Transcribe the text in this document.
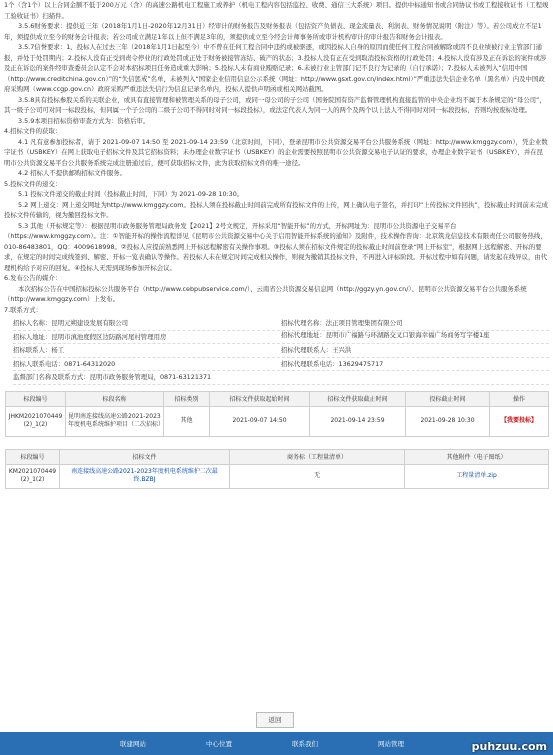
1个（含1个）以上合同金额不低于200万元（含）的高速公路机电工程施工或养护（机电工程内容包括监控、收费、通信三大系统）项目。提供中标通知书或合同协议书或工程接收证书（工程竣工验收证书）扫描件。

3.5.6财务要求：提供近三年（2018年1月1日-2020年12月31日）经审计的财务报告及财务报表（包括资产负债表、现金流量表、利润表、财务情况说明（附注）等）。若公司成立不足1年，须提供成立至今的财务会计报表；若公司成立满足1年以上但不满足3年的，须提供成立至今经会计师事务所或审计机构审计的审计报告和财务会计报表。

3.5.7信誉要求：1、投标人在过去三年（2018年1月1日起至今）中不曾在任何工程合同中违约或被驱逐，或因投标人自身的原因而使任何工程合同被解除或因不良业绩被行业主管部门通报，并处于处罚期内；2.投标人没有正受到责令停业的行政处罚或正处于财务被接管冻结、破产的状态；3.投标人没有正在受到取消投标资格的行政处罚；4.投标人没有涉及正在诉讼的案件或涉及正在诉讼的案件经审查委员会认定不会对本招标项目任务造成重大影响；5.投标人未有商业贿赂记录；6.未被行业主管部门记不良行为记录的（自行承诺）；7.投标人未被列入“信用中国（http://www.creditchina.gov.cn）”的“失信惩戒”名单，未被列入“国家企业信用信息公示系统（网址：http://www.gsxt.gov.cn/index.html）”严重违法失信企业名单（黑名单）内及中国政府采购网（www.ccgp.gov.cn）政府采购严重违法失信行为信息记录名单内，投标人提供声明函或相关网站截图。

3.5.8具有投标参股关系的关联企业，或具有直接管理和被管理关系的母子公司，或同一母公司的子公司（国务院国有资产监督管理机构直接监管的中央企业均不属于本条规定的“母公司”，其一级子公司可对同一标段投标，但同属一个子公司的二级子公司不得同时对同一标段投标），或法定代表人为同一人的两个及两个以上法人不得同时对同一标段投标，否则均按废标处理。

3.5.9本项目招标资格审查方式为：资格后审。

4.招标文件的获取：

4.1 凡有意参加投标者，请于 2021-09-07 14:50 至 2021-09-14 23:59（北京时间，下同），登录昆明市公共资源交易平台公共服务系统（网址：http://www.kmggzy.com），凭企业数字证书（USBKEY）在网上获取电子招标文件及其它招标资料；未办理企业数字证书（USBKEY）的企业需要按照昆明市公共资源交易电子认证的要求，办理企业数字证书（USBKEY），并在昆明市公共资源交易平台公共服务系统完成注册通过后，便可获取招标文件，此为获取招标文件的唯一途径。

4.2 招标人不提供邮购招标文件服务。

5.投标文件的递交：

5.1 投标文件递交的截止时间（投标截止时间，下同）为 2021-09-28 10:30。

5.2 网上递交：网上递交网址为http://www.kmggzy.com。投标人须在投标截止时间前完成所有投标文件的上传，网上确认电子签名，并打印“上传投标文件回执”，投标截止时间前未完成投标文件传输的，视为撤回投标文件。

5.3 其他（开标规定等）：根据昆明市政务服务管理局政务发【2021】2号文规定，开标采用“智能开标”的方式，开标网址为：昆明市公共资源电子交易平台（https://www.kmggzy.com）。注：①智能开标的操作流程详见《昆明市公共资源交易中心关于启用智能开标系统的通知》及附件，技术操作咨询：北京筑龙信息技术有限责任公司服务热线，010-86483801，QQ：4009618998。②投标人应提前熟悉网上开标远程解密有关操作事项。③投标人须在招标文件规定的投标截止时间前登录“网上开标室”，根据网上远程解密、开标的要求，在规定的时间完成线签到、解密、开标一览表确认等操作。若投标人未在规定时间完成相关操作，则视为撤销其投标文件，不再进入评标阶段。开标过程中如有问题，请发起在线异议，由代理机构给予对应的回复。④投标人无需到现场参加开标会议。

6.发布公告的媒介：

本次招标公告在中国招标投标公共服务平台（http://www.cebpubservice.com/）、云南省公共资源交易信息网（http://ggzy.yn.gov.cn/）、昆明市公共资源交易平台公共服务系统（http://www.kmggzy.com）上发布。

7.联系方式：

招标人名称：昆明元朔建设发展有限公司	招标代理名称：法正项目管理集团有限公司
招标人地址：昆明市滇池度假区边防路河尾村管理用房	招标代理地址：昆明市广福路与环湖路交叉口银海幸福广场商务写字楼1座
招标联系人：杨工	招标代理联系人：王兴洪
招标人联系电话：0871-64312020	招标代理联系电话：13629475717
监督部门名称及联系方式：昆明市政务服务管理局，0871-63121371
标段编号	标段名称	招标类别	招标文件获取起始时间	招标文件获取截止时间	投标截止时间	操作
JHKM2021070449(2)_1(2)	昆明南连接线高速公路2021-2023年度机电系统维护项目（二次招标）	其他	2021-09-07 14:50	2021-09-14 23:59	2021-09-28 10:30	【我要投标】
标段编号	招标文件	商务标（工程量清单）	其他附件（电子图纸）
KM2021070449(2)_1(2)	南连接线高速公路2021-2023年度机电系统维护二次最终.BZBJ	无	工程量清单.zip
返回
联建网站	中心位置	联系我们	网站管理	puhzuu.com
